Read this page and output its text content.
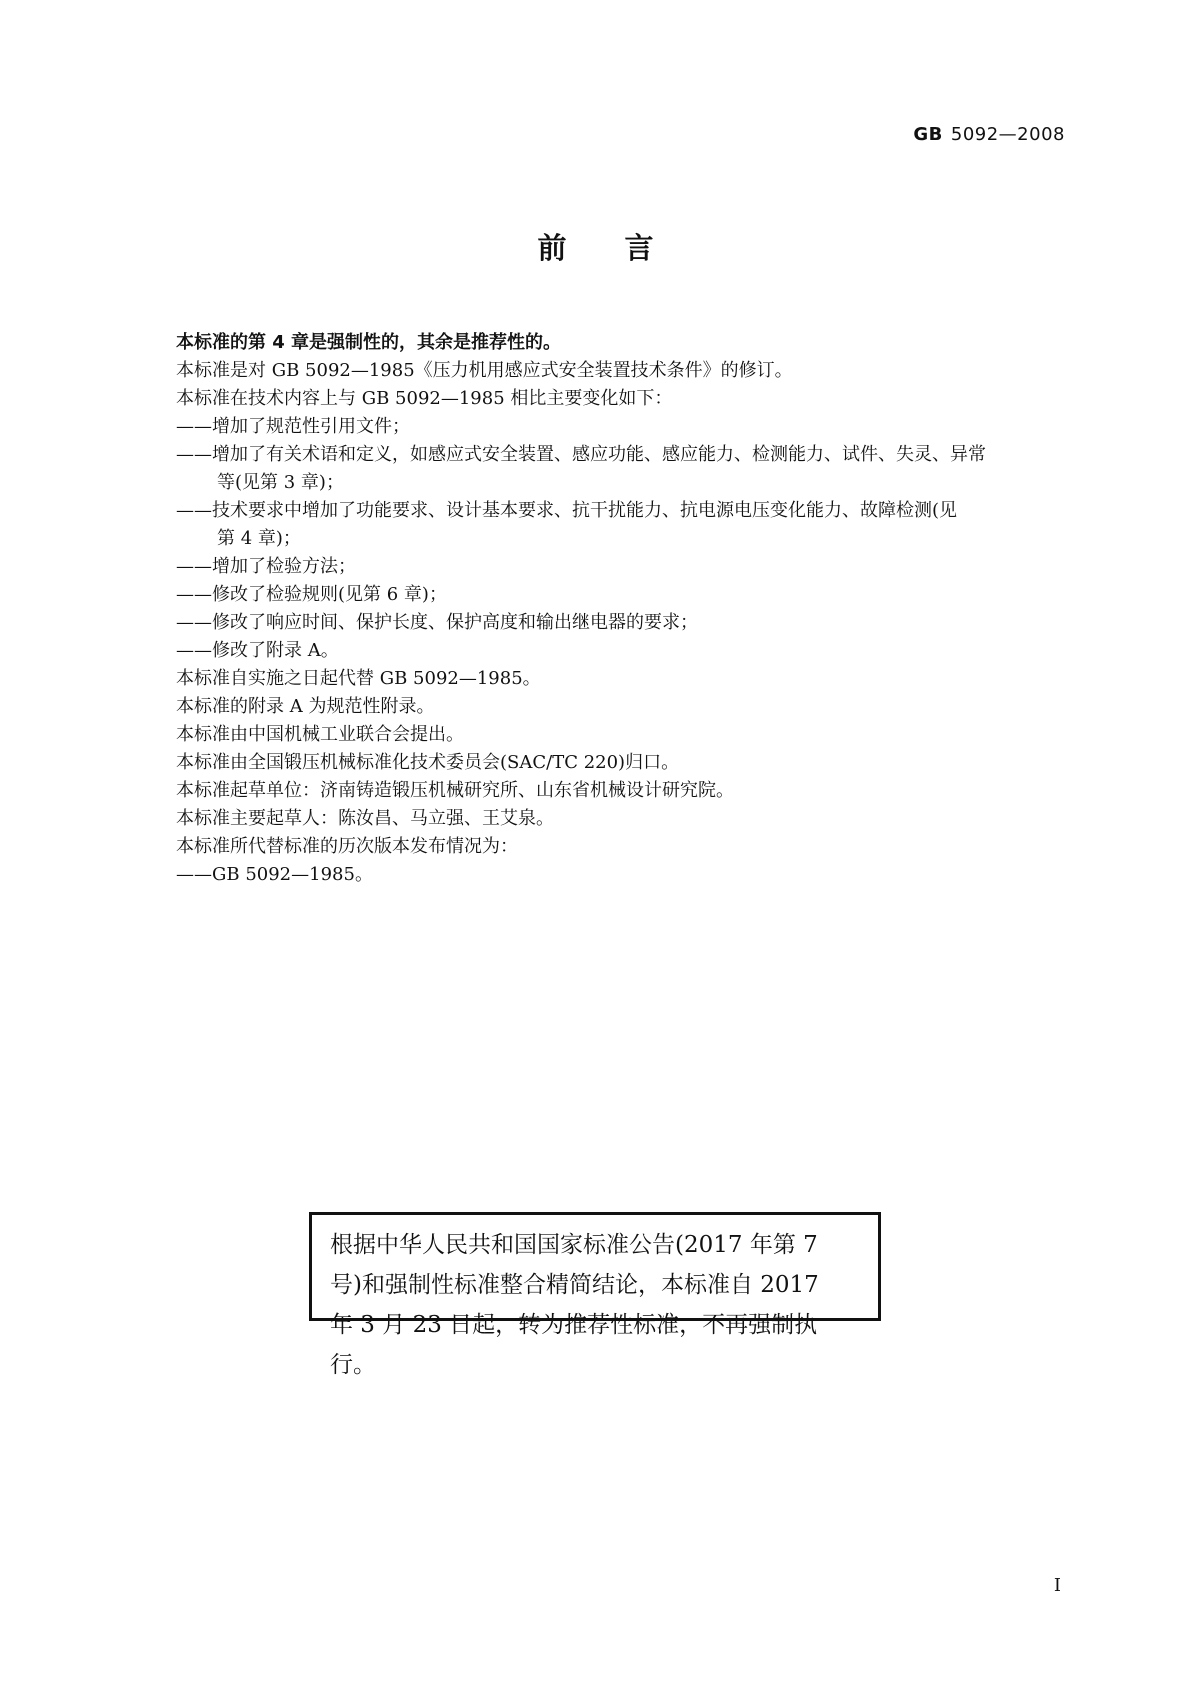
GB 5092—2008
前言
本标准的第 4 章是强制性的，其余是推荐性的。
本标准是对 GB 5092—1985《压力机用感应式安全装置技术条件》的修订。
本标准在技术内容上与 GB 5092—1985 相比主要变化如下：
——增加了规范性引用文件；
——增加了有关术语和定义，如感应式安全装置、感应功能、感应能力、检测能力、试件、失灵、异常
等(见第 3 章)；
——技术要求中增加了功能要求、设计基本要求、抗干扰能力、抗电源电压变化能力、故障检测(见
第 4 章)；
——增加了检验方法；
——修改了检验规则(见第 6 章)；
——修改了响应时间、保护长度、保护高度和输出继电器的要求；
——修改了附录 A。
本标准自实施之日起代替 GB 5092—1985。
本标准的附录 A 为规范性附录。
本标准由中国机械工业联合会提出。
本标准由全国锻压机械标准化技术委员会(SAC/TC 220)归口。
本标准起草单位：济南铸造锻压机械研究所、山东省机械设计研究院。
本标准主要起草人：陈汝昌、马立强、王艾泉。
本标准所代替标准的历次版本发布情况为：
——GB 5092—1985。
根据中华人民共和国国家标准公告(2017 年第 7
号)和强制性标准整合精简结论，本标准自 2017
年 3 月 23 日起，转为推荐性标准，不再强制执行。
I
